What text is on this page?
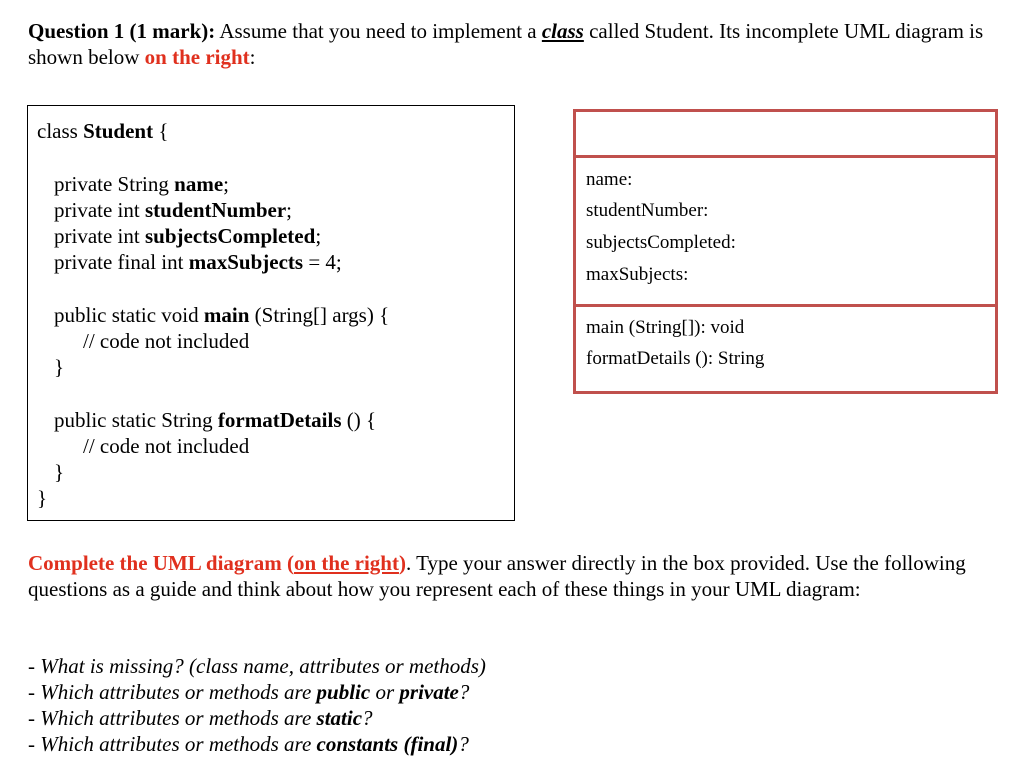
Question 1 (1 mark): Assume that you need to implement a class called Student. Its incomplete UML diagram is shown below on the right:
class Student {
private String name;
private int studentNumber;
private int subjectsCompleted;
private final int maxSubjects = 4;
public static void main (String[] args) {
// code not included
}
public static String formatDetails () {
// code not included
}
}
name:
studentNumber:
subjectsCompleted:
maxSubjects:
main (String[]): void
formatDetails (): String
Complete the UML diagram (on the right). Type your answer directly in the box provided. Use the following questions as a guide and think about how you represent each of these things in your UML diagram:
- What is missing? (class name, attributes or methods)
- Which attributes or methods are public or private?
- Which attributes or methods are static?
- Which attributes or methods are constants (final)?
